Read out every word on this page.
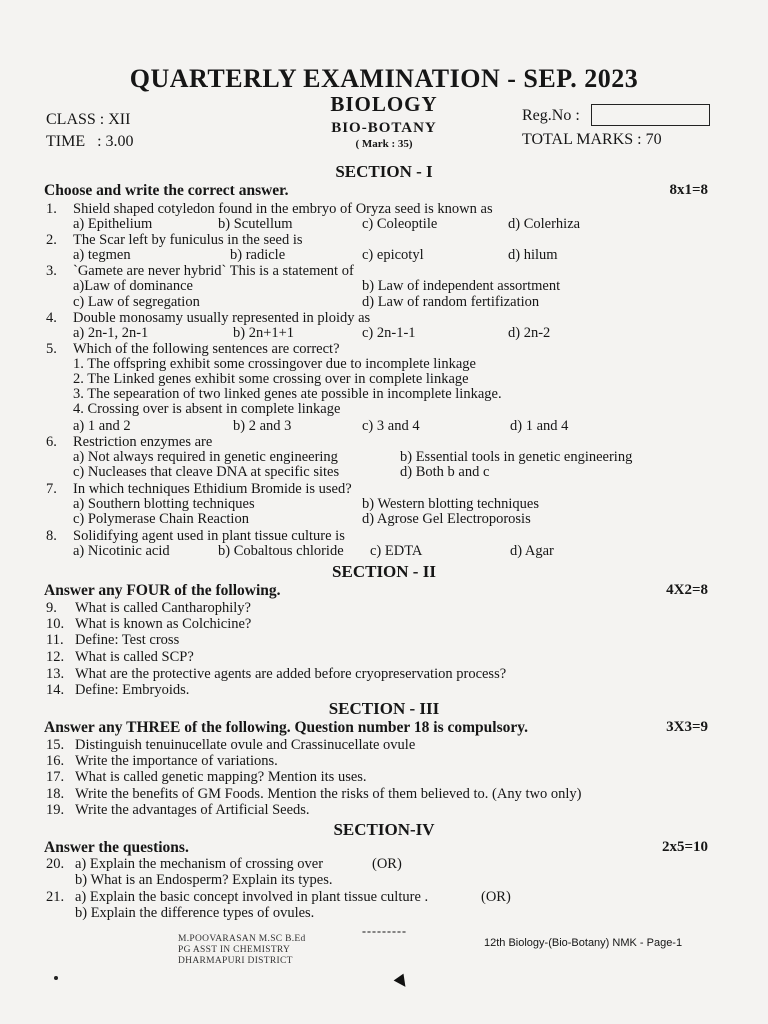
QUARTERLY EXAMINATION - SEP. 2023
BIOLOGY
BIO-BOTANY
( Mark : 35)
CLASS : XII
TIME   : 3.00
Reg.No :
TOTAL MARKS : 70
SECTION - I
Choose and write the correct answer.	8x1=8
1. Shield shaped cotyledon found in the embryo of Oryza seed is known as
a) Epithelium	b) Scutellum	c) Coleoptile	d) Colerhiza
2. The Scar left by funiculus in the seed is
a) tegmen	b) radicle	c) epicotyl	d) hilum
3. `Gamete are never hybrid` This is a statement of
a)Law of dominance	b) Law of independent assortment
c) Law of segregation	d) Law of random fertifization
4. Double monosamy usually represented in ploidy as
a) 2n-1, 2n-1	b) 2n+1+1	c) 2n-1-1	d) 2n-2
5. Which of the following sentences are correct?
1. The offspring exhibit some crossingover due to incomplete linkage
2. The Linked genes exhibit some crossing over in complete linkage
3. The sepearation of two linked genes ate possible in incomplete linkage.
4. Crossing over is absent in complete linkage
a) 1 and 2	b) 2 and 3	c) 3 and 4	d) 1 and 4
6. Restriction enzymes are
a) Not always required in genetic engineering	b) Essential tools in genetic engineering
c) Nucleases that cleave DNA at specific sites	d) Both b and c
7. In which techniques Ethidium Bromide is used?
a) Southern blotting techniques	b) Western blotting techniques
c) Polymerase Chain Reaction	d) Agrose Gel Electroporosis
8. Solidifying agent used in plant tissue culture is
a) Nicotinic acid	b) Cobaltous chloride c) EDTA	d) Agar
SECTION - II
Answer any FOUR of the following.	4X2=8
9. What is called Cantharophily?
10. What is known as Colchicine?
11. Define: Test cross
12. What is called SCP?
13. What are the protective agents are added before cryopreservation process?
14. Define: Embryoids.
SECTION - III
Answer any THREE of the following. Question number 18 is compulsory.	3X3=9
15. Distinguish tenuinucellate ovule and Crassinucellate ovule
16. Write the importance of variations.
17. What is called genetic mapping? Mention its uses.
18. Write the benefits of GM Foods. Mention the risks of them believed to. (Any two only)
19. Write the advantages of Artificial Seeds.
SECTION-IV
Answer the questions.	2x5=10
20. a) Explain the mechanism of crossing over	(OR)
b) What is an Endosperm? Explain its types.
21. a) Explain the basic concept involved in plant tissue culture .	(OR)
b) Explain the difference types of ovules.
---------
M.POOVARASAN M.SC B.Ed
PG ASST IN CHEMISTRY
DHARMAPURI DISTRICT
12th Biology-(Bio-Botany) NMK - Page-1
